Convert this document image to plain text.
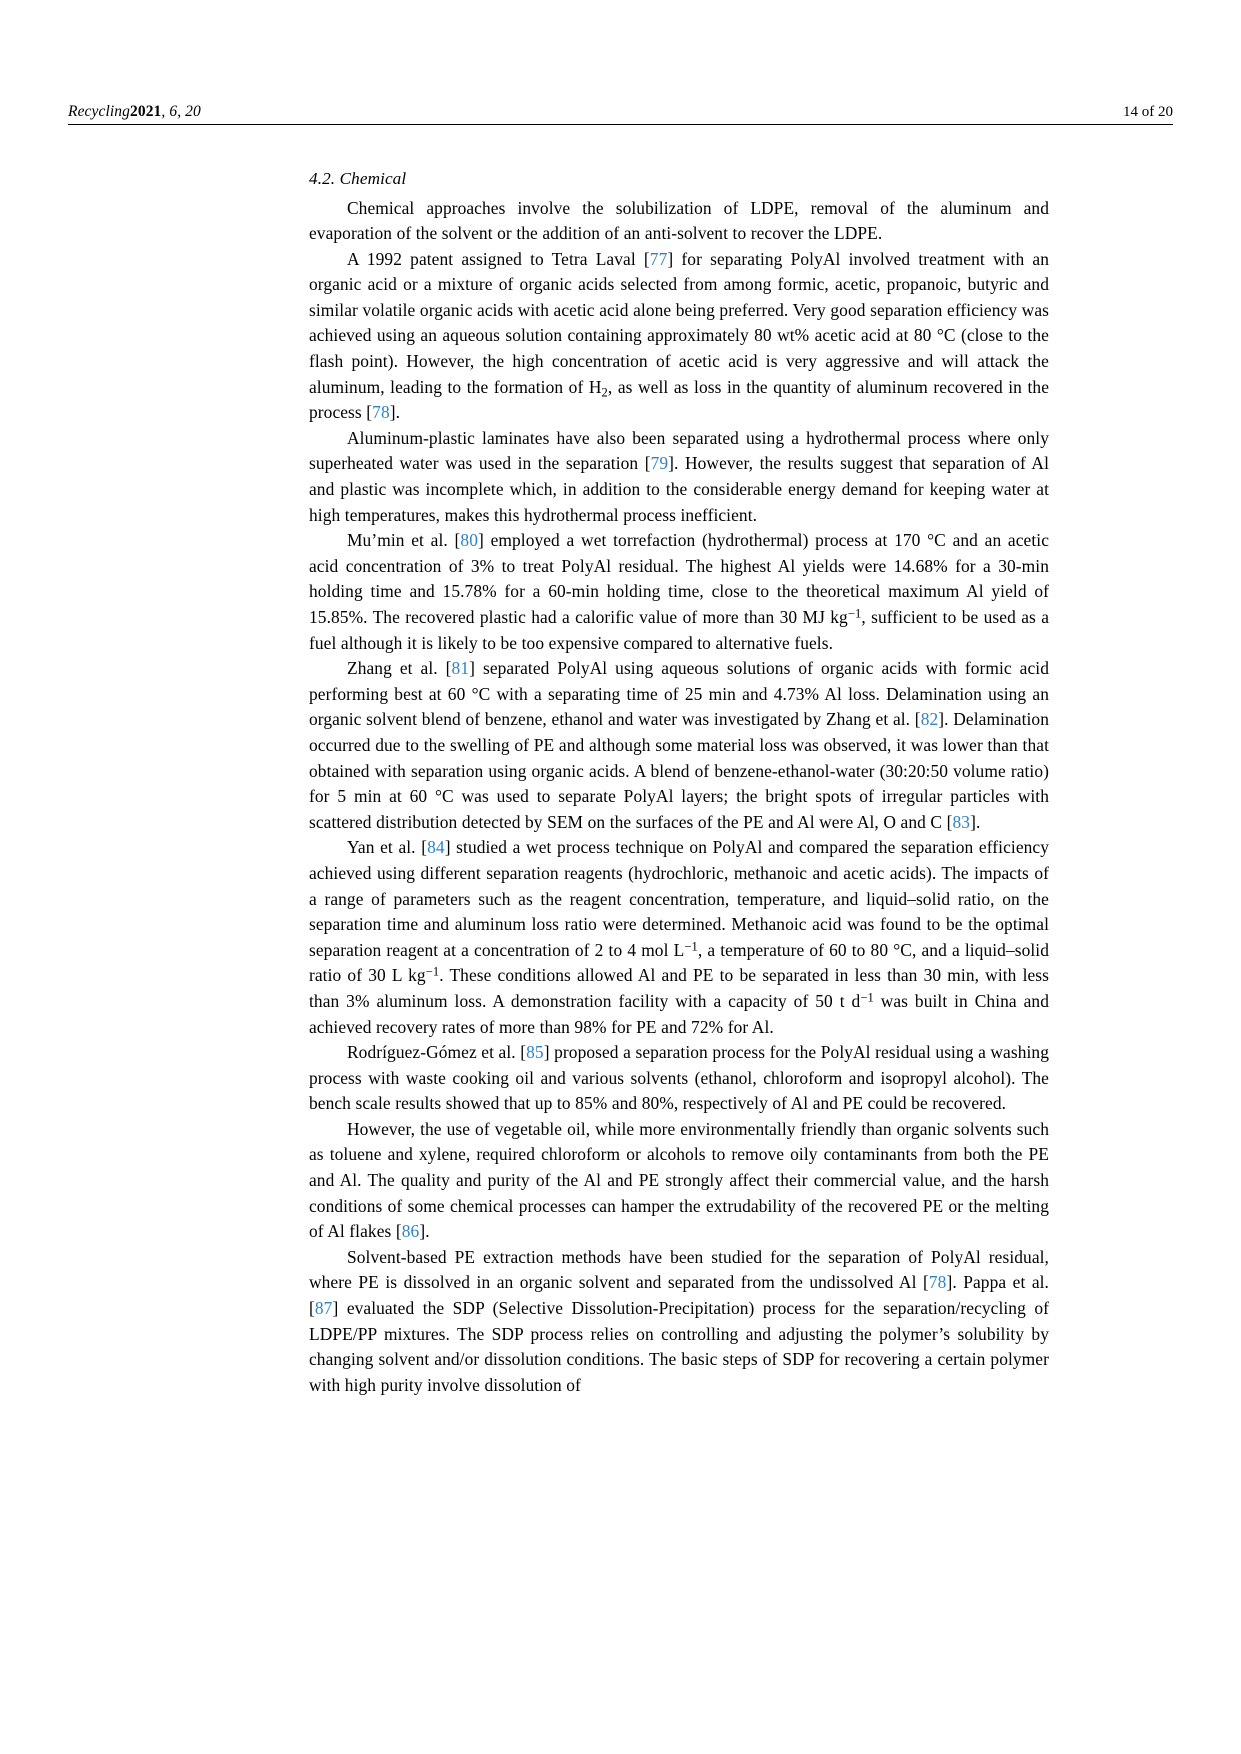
Recycling2021, 6, 20	14 of 20
4.2. Chemical

Chemical approaches involve the solubilization of LDPE, removal of the aluminum and evaporation of the solvent or the addition of an anti-solvent to recover the LDPE.

A 1992 patent assigned to Tetra Laval [77] for separating PolyAl involved treatment with an organic acid or a mixture of organic acids selected from among formic, acetic, propanoic, butyric and similar volatile organic acids with acetic acid alone being preferred. Very good separation efficiency was achieved using an aqueous solution containing approximately 80 wt% acetic acid at 80 °C (close to the flash point). However, the high concentration of acetic acid is very aggressive and will attack the aluminum, leading to the formation of $H_2$, as well as loss in the quantity of aluminum recovered in the process [78].

Aluminum-plastic laminates have also been separated using a hydrothermal process where only superheated water was used in the separation [79]. However, the results suggest that separation of Al and plastic was incomplete which, in addition to the considerable energy demand for keeping water at high temperatures, makes this hydrothermal process inefficient.

Mu’min et al. [80] employed a wet torrefaction (hydrothermal) process at 170 °C and an acetic acid concentration of 3% to treat PolyAl residual. The highest Al yields were 14.68% for a 30-min holding time and 15.78% for a 60-min holding time, close to the theoretical maximum Al yield of 15.85%. The recovered plastic had a calorific value of more than 30 MJ $kg^{-1}$, sufficient to be used as a fuel although it is likely to be too expensive compared to alternative fuels.

Zhang et al. [81] separated PolyAl using aqueous solutions of organic acids with formic acid performing best at 60 °C with a separating time of 25 min and 4.73% Al loss. Delamination using an organic solvent blend of benzene, ethanol and water was investigated by Zhang et al. [82]. Delamination occurred due to the swelling of PE and although some material loss was observed, it was lower than that obtained with separation using organic acids. A blend of benzene-ethanol-water (30:20:50 volume ratio) for 5 min at 60 °C was used to separate PolyAl layers; the bright spots of irregular particles with scattered distribution detected by SEM on the surfaces of the PE and Al were Al, O and C [83].

Yan et al. [84] studied a wet process technique on PolyAl and compared the separation efficiency achieved using different separation reagents (hydrochloric, methanoic and acetic acids). The impacts of a range of parameters such as the reagent concentration, temperature, and liquid–solid ratio, on the separation time and aluminum loss ratio were determined. Methanoic acid was found to be the optimal separation reagent at a concentration of 2 to 4 mol $L^{-1}$, a temperature of 60 to 80 °C, and a liquid–solid ratio of 30 L $kg^{-1}$. These conditions allowed Al and PE to be separated in less than 30 min, with less than 3% aluminum loss. A demonstration facility with a capacity of 50 t $d^{-1}$ was built in China and achieved recovery rates of more than 98% for PE and 72% for Al.

Rodríguez-Gómez et al. [85] proposed a separation process for the PolyAl residual using a washing process with waste cooking oil and various solvents (ethanol, chloroform and isopropyl alcohol). The bench scale results showed that up to 85% and 80%, respectively of Al and PE could be recovered.

However, the use of vegetable oil, while more environmentally friendly than organic solvents such as toluene and xylene, required chloroform or alcohols to remove oily contaminants from both the PE and Al. The quality and purity of the Al and PE strongly affect their commercial value, and the harsh conditions of some chemical processes can hamper the extrudability of the recovered PE or the melting of Al flakes [86].

Solvent-based PE extraction methods have been studied for the separation of PolyAl residual, where PE is dissolved in an organic solvent and separated from the undissolved Al [78]. Pappa et al. [87] evaluated the SDP (Selective Dissolution-Precipitation) process for the separation/recycling of LDPE/PP mixtures. The SDP process relies on controlling and adjusting the polymer’s solubility by changing solvent and/or dissolution conditions. The basic steps of SDP for recovering a certain polymer with high purity involve dissolution of
